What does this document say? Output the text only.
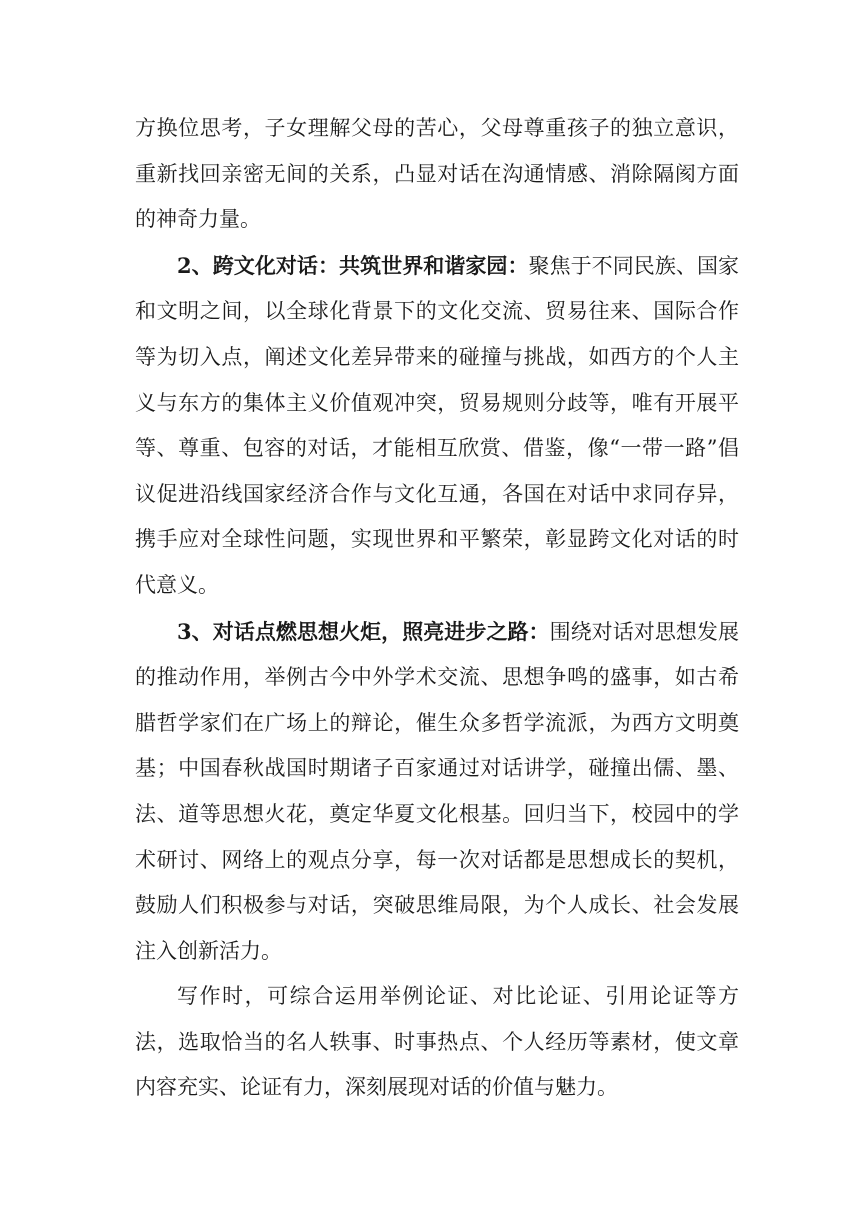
方换位思考，子女理解父母的苦心，父母尊重孩子的独立意识，重新找回亲密无间的关系，凸显对话在沟通情感、消除隔阂方面的神奇力量。

2、跨文化对话：共筑世界和谐家园：聚焦于不同民族、国家和文明之间，以全球化背景下的文化交流、贸易往来、国际合作等为切入点，阐述文化差异带来的碰撞与挑战，如西方的个人主义与东方的集体主义价值观冲突，贸易规则分歧等，唯有开展平等、尊重、包容的对话，才能相互欣赏、借鉴，像“一带一路”倡议促进沿线国家经济合作与文化互通，各国在对话中求同存异，携手应对全球性问题，实现世界和平繁荣，彰显跨文化对话的时代意义。

3、对话点燃思想火炬，照亮进步之路：围绕对话对思想发展的推动作用，举例古今中外学术交流、思想争鸣的盛事，如古希腊哲学家们在广场上的辩论，催生众多哲学流派，为西方文明奠基；中国春秋战国时期诸子百家通过对话讲学，碰撞出儒、墨、法、道等思想火花，奠定华夏文化根基。回归当下，校园中的学术研讨、网络上的观点分享，每一次对话都是思想成长的契机，鼓励人们积极参与对话，突破思维局限，为个人成长、社会发展注入创新活力。

写作时，可综合运用举例论证、对比论证、引用论证等方法，选取恰当的名人轶事、时事热点、个人经历等素材，使文章内容充实、论证有力，深刻展现对话的价值与魅力。
